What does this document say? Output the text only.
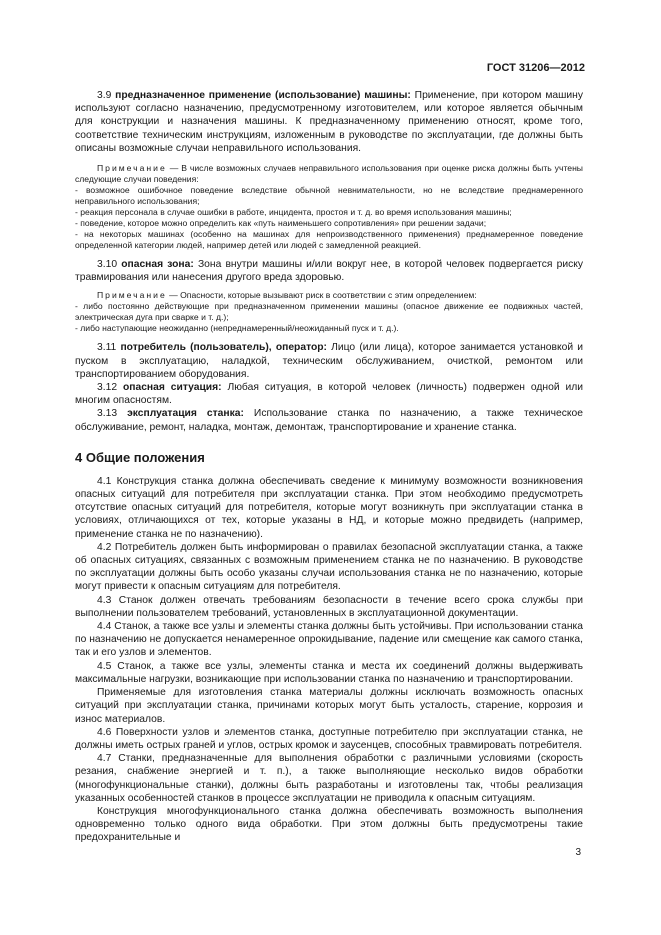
ГОСТ 31206—2012

3.9 предназначенное применение (использование) машины: Применение, при котором машину используют согласно назначению, предусмотренному изготовителем, или которое является обычным для конструкции и назначения машины. К предназначенному применению относят, кроме того, соответствие техническим инструкциям, изложенным в руководстве по эксплуатации, где должны быть описаны возможные случаи неправильного использования.

Примечание — В числе возможных случаев неправильного использования при оценке риска должны быть учтены следующие случаи поведения:

- возможное ошибочное поведение вследствие обычной невнимательности, но не вследствие преднамеренного неправильного использования;

- реакция персонала в случае ошибки в работе, инцидента, простоя и т. д. во время использования машины;

- поведение, которое можно определить как «путь наименьшего сопротивления» при решении задачи;

- на некоторых машинах (особенно на машинах для непроизводственного применения) преднамеренное поведение определенной категории людей, например детей или людей с замедленной реакцией.

3.10 опасная зона: Зона внутри машины и/или вокруг нее, в которой человек подвергается риску травмирования или нанесения другого вреда здоровью.

Примечание — Опасности, которые вызывают риск в соответствии с этим определением:

- либо постоянно действующие при предназначенном применении машины (опасное движение ее подвижных частей, электрическая дуга при сварке и т. д.);

- либо наступающие неожиданно (непреднамеренный/неожиданный пуск и т. д.).

3.11 потребитель (пользователь), оператор: Лицо (или лица), которое занимается установкой и пуском в эксплуатацию, наладкой, техническим обслуживанием, очисткой, ремонтом или транспортированием оборудования.

3.12 опасная ситуация: Любая ситуация, в которой человек (личность) подвержен одной или многим опасностям.

3.13 эксплуатация станка: Использование станка по назначению, а также техническое обслуживание, ремонт, наладка, монтаж, демонтаж, транспортирование и хранение станка.

4 Общие положения

4.1 Конструкция станка должна обеспечивать сведение к минимуму возможности возникновения опасных ситуаций для потребителя при эксплуатации станка. При этом необходимо предусмотреть отсутствие опасных ситуаций для потребителя, которые могут возникнуть при эксплуатации станка в условиях, отличающихся от тех, которые указаны в НД, и которые можно предвидеть (например, применение станка не по назначению).

4.2 Потребитель должен быть информирован о правилах безопасной эксплуатации станка, а также об опасных ситуациях, связанных с возможным применением станка не по назначению. В руководстве по эксплуатации должны быть особо указаны случаи использования станка не по назначению, которые могут привести к опасным ситуациям для потребителя.

4.3 Станок должен отвечать требованиям безопасности в течение всего срока службы при выполнении пользователем требований, установленных в эксплуатационной документации.

4.4 Станок, а также все узлы и элементы станка должны быть устойчивы. При использовании станка по назначению не допускается ненамеренное опрокидывание, падение или смещение как самого станка, так и его узлов и элементов.

4.5 Станок, а также все узлы, элементы станка и места их соединений должны выдерживать максимальные нагрузки, возникающие при использовании станка по назначению и транспортировании.

Применяемые для изготовления станка материалы должны исключать возможность опасных ситуаций при эксплуатации станка, причинами которых могут быть усталость, старение, коррозия и износ материалов.

4.6 Поверхности узлов и элементов станка, доступные потребителю при эксплуатации станка, не должны иметь острых граней и углов, острых кромок и заусенцев, способных травмировать потребителя.

4.7 Станки, предназначенные для выполнения обработки с различными условиями (скорость резания, снабжение энергией и т. п.), а также выполняющие несколько видов обработки (многофункциональные станки), должны быть разработаны и изготовлены так, чтобы реализация указанных особенностей станков в процессе эксплуатации не приводила к опасным ситуациям.

Конструкция многофункционального станка должна обеспечивать возможность выполнения одновременно только одного вида обработки. При этом должны быть предусмотрены такие предохранительные и

3
